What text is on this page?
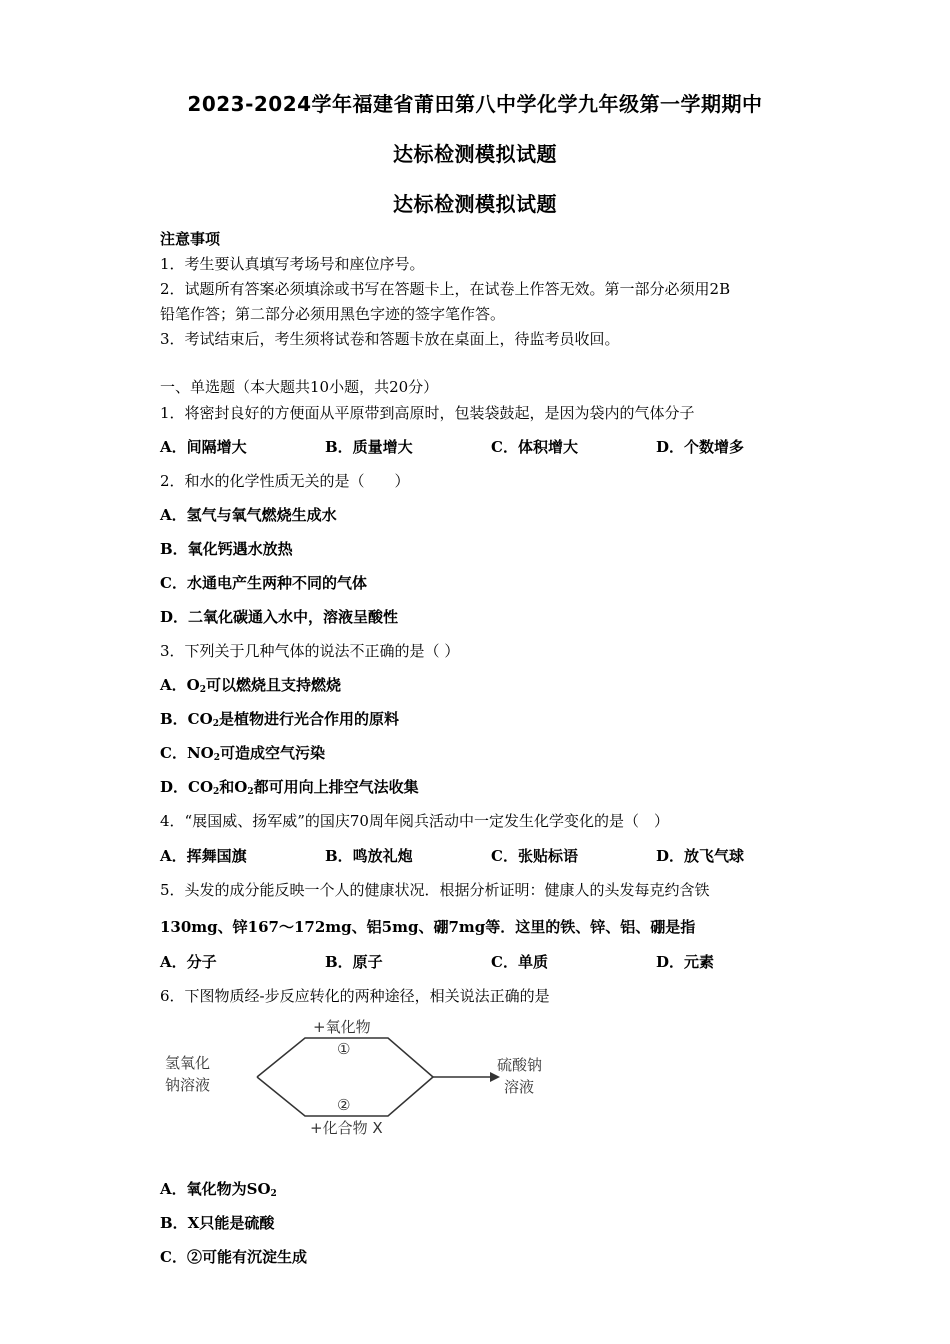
2023-2024学年福建省莆田第八中学化学九年级第一学期期中
达标检测模拟试题
达标检测模拟试题
注意事项
1．考生要认真填写考场号和座位序号。
2．试题所有答案必须填涂或书写在答题卡上，在试卷上作答无效。第一部分必须用2B
铅笔作答；第二部分必须用黑色字迹的签字笔作答。
3．考试结束后，考生须将试卷和答题卡放在桌面上，待监考员收回。
一、单选题（本大题共10小题，共20分）
1．将密封良好的方便面从平原带到高原时，包装袋鼓起，是因为袋内的气体分子
A．间隔增大	B．质量增大	C．体积增大	D．个数增多
2．和水的化学性质无关的是（　　）
A．氢气与氧气燃烧生成水
B．氧化钙遇水放热
C．水通电产生两种不同的气体
D．二氧化碳通入水中，溶液呈酸性
3．下列关于几种气体的说法不正确的是（ ）
A．$O_2$可以燃烧且支持燃烧
B．$CO_2$是植物进行光合作用的原料
C．$NO_2$可造成空气污染
D．$CO_2$和$O_2$都可用向上排空气法收集
4．“展国威、扬军威”的国庆70周年阅兵活动中一定发生化学变化的是（　）
A．挥舞国旗	B．鸣放礼炮	C．张贴标语	D．放飞气球
5．头发的成分能反映一个人的健康状况．根据分析证明：健康人的头发每克约含铁
130mg、锌167～172mg、铝5mg、硼7mg等．这里的铁、锌、铝、硼是指
A．分子	B．原子	C．单质	D．元素
6．下图物质经-步反应转化的两种途径，相关说法正确的是
氢氧化
钠溶液
+氧化物
①
②
+化合物 X
硫酸钠
溶液
A．氧化物为$SO_2$
B．X只能是硫酸
C．②可能有沉淀生成
